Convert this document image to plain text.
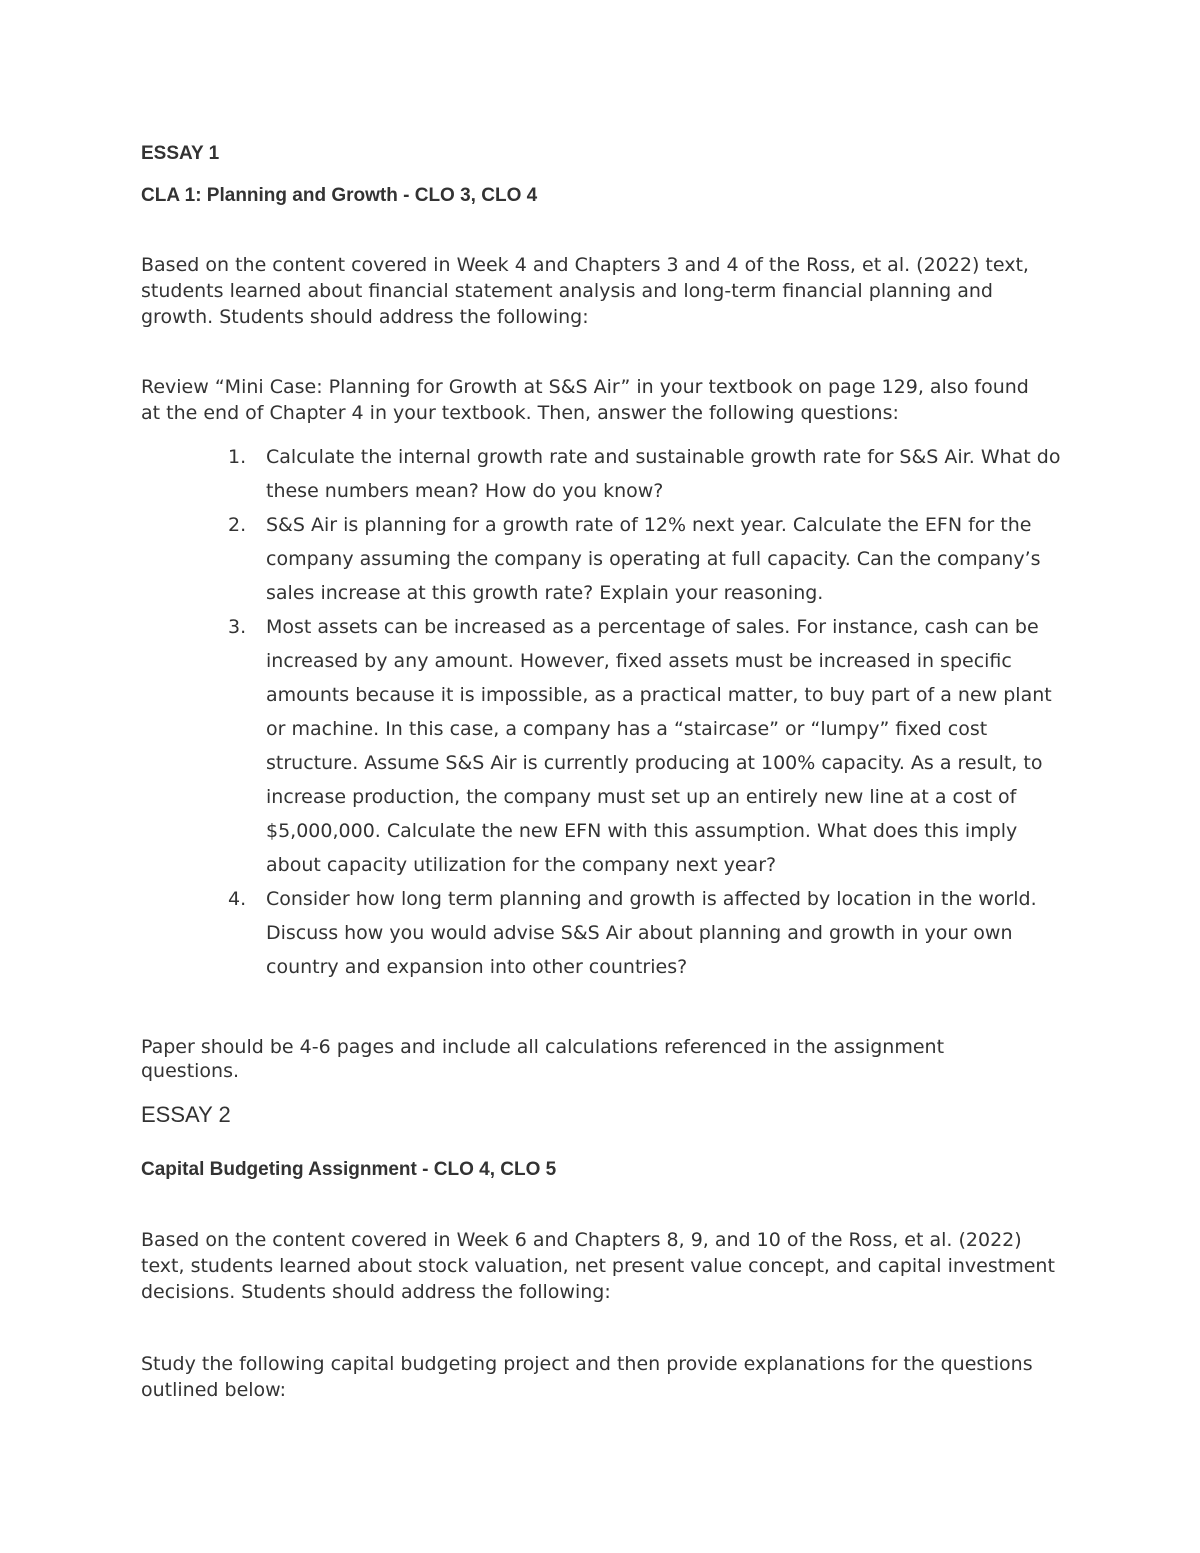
ESSAY 1
CLA 1: Planning and Growth - CLO 3, CLO 4

Based on the content covered in Week 4 and Chapters 3 and 4 of the Ross, et al. (2022) text, students learned about financial statement analysis and long-term financial planning and growth. Students should address the following:

Review “Mini Case: Planning for Growth at S&S Air” in your textbook on page 129, also found at the end of Chapter 4 in your textbook. Then, answer the following questions:

1. Calculate the internal growth rate and sustainable growth rate for S&S Air. What do these numbers mean? How do you know?
2. S&S Air is planning for a growth rate of 12% next year. Calculate the EFN for the company assuming the company is operating at full capacity. Can the company’s sales increase at this growth rate? Explain your reasoning.
3. Most assets can be increased as a percentage of sales. For instance, cash can be increased by any amount. However, fixed assets must be increased in specific amounts because it is impossible, as a practical matter, to buy part of a new plant or machine. In this case, a company has a “staircase” or “lumpy” fixed cost structure. Assume S&S Air is currently producing at 100% capacity. As a result, to increase production, the company must set up an entirely new line at a cost of $5,000,000. Calculate the new EFN with this assumption. What does this imply about capacity utilization for the company next year?
4. Consider how long term planning and growth is affected by location in the world. Discuss how you would advise S&S Air about planning and growth in your own country and expansion into other countries?

Paper should be 4-6 pages and include all calculations referenced in the assignment questions.

ESSAY 2
Capital Budgeting Assignment - CLO 4, CLO 5

Based on the content covered in Week 6 and Chapters 8, 9, and 10 of the Ross, et al. (2022) text, students learned about stock valuation, net present value concept, and capital investment decisions. Students should address the following:

Study the following capital budgeting project and then provide explanations for the questions outlined below:
